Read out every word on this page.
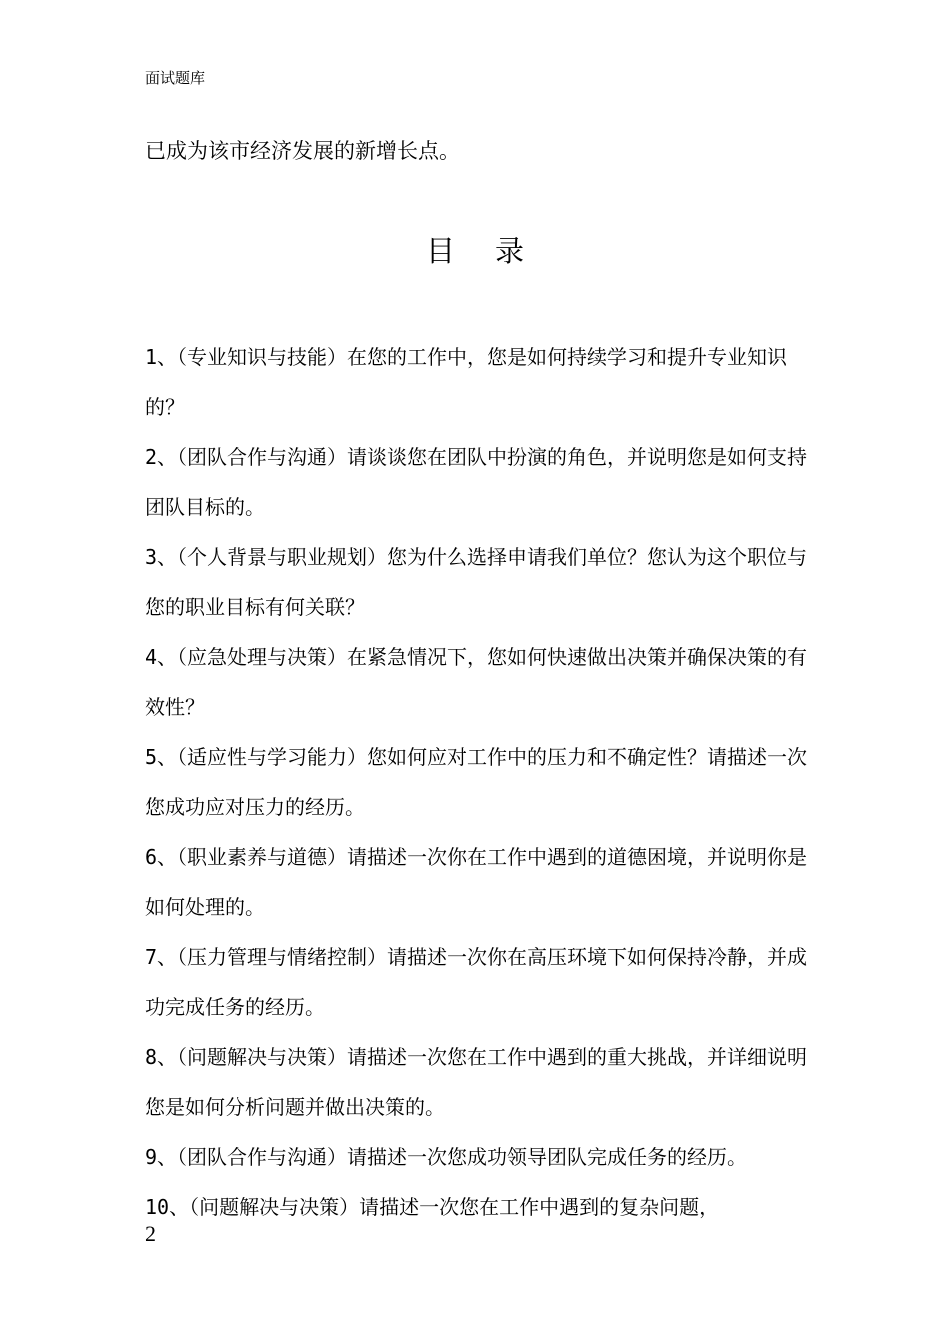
面试题库
已成为该市经济发展的新增长点。
目录
1、（专业知识与技能）在您的工作中，您是如何持续学习和提升专业知识的？
2、（团队合作与沟通）请谈谈您在团队中扮演的角色，并说明您是如何支持团队目标的。
3、（个人背景与职业规划）您为什么选择申请我们单位？您认为这个职位与您的职业目标有何关联？
4、（应急处理与决策）在紧急情况下，您如何快速做出决策并确保决策的有效性？
5、（适应性与学习能力）您如何应对工作中的压力和不确定性？请描述一次您成功应对压力的经历。
6、（职业素养与道德）请描述一次你在工作中遇到的道德困境，并说明你是如何处理的。
7、（压力管理与情绪控制）请描述一次你在高压环境下如何保持冷静，并成功完成任务的经历。
8、（问题解决与决策）请描述一次您在工作中遇到的重大挑战，并详细说明您是如何分析问题并做出决策的。
9、（团队合作与沟通）请描述一次您成功领导团队完成任务的经历。
10、（问题解决与决策）请描述一次您在工作中遇到的复杂问题，
2
